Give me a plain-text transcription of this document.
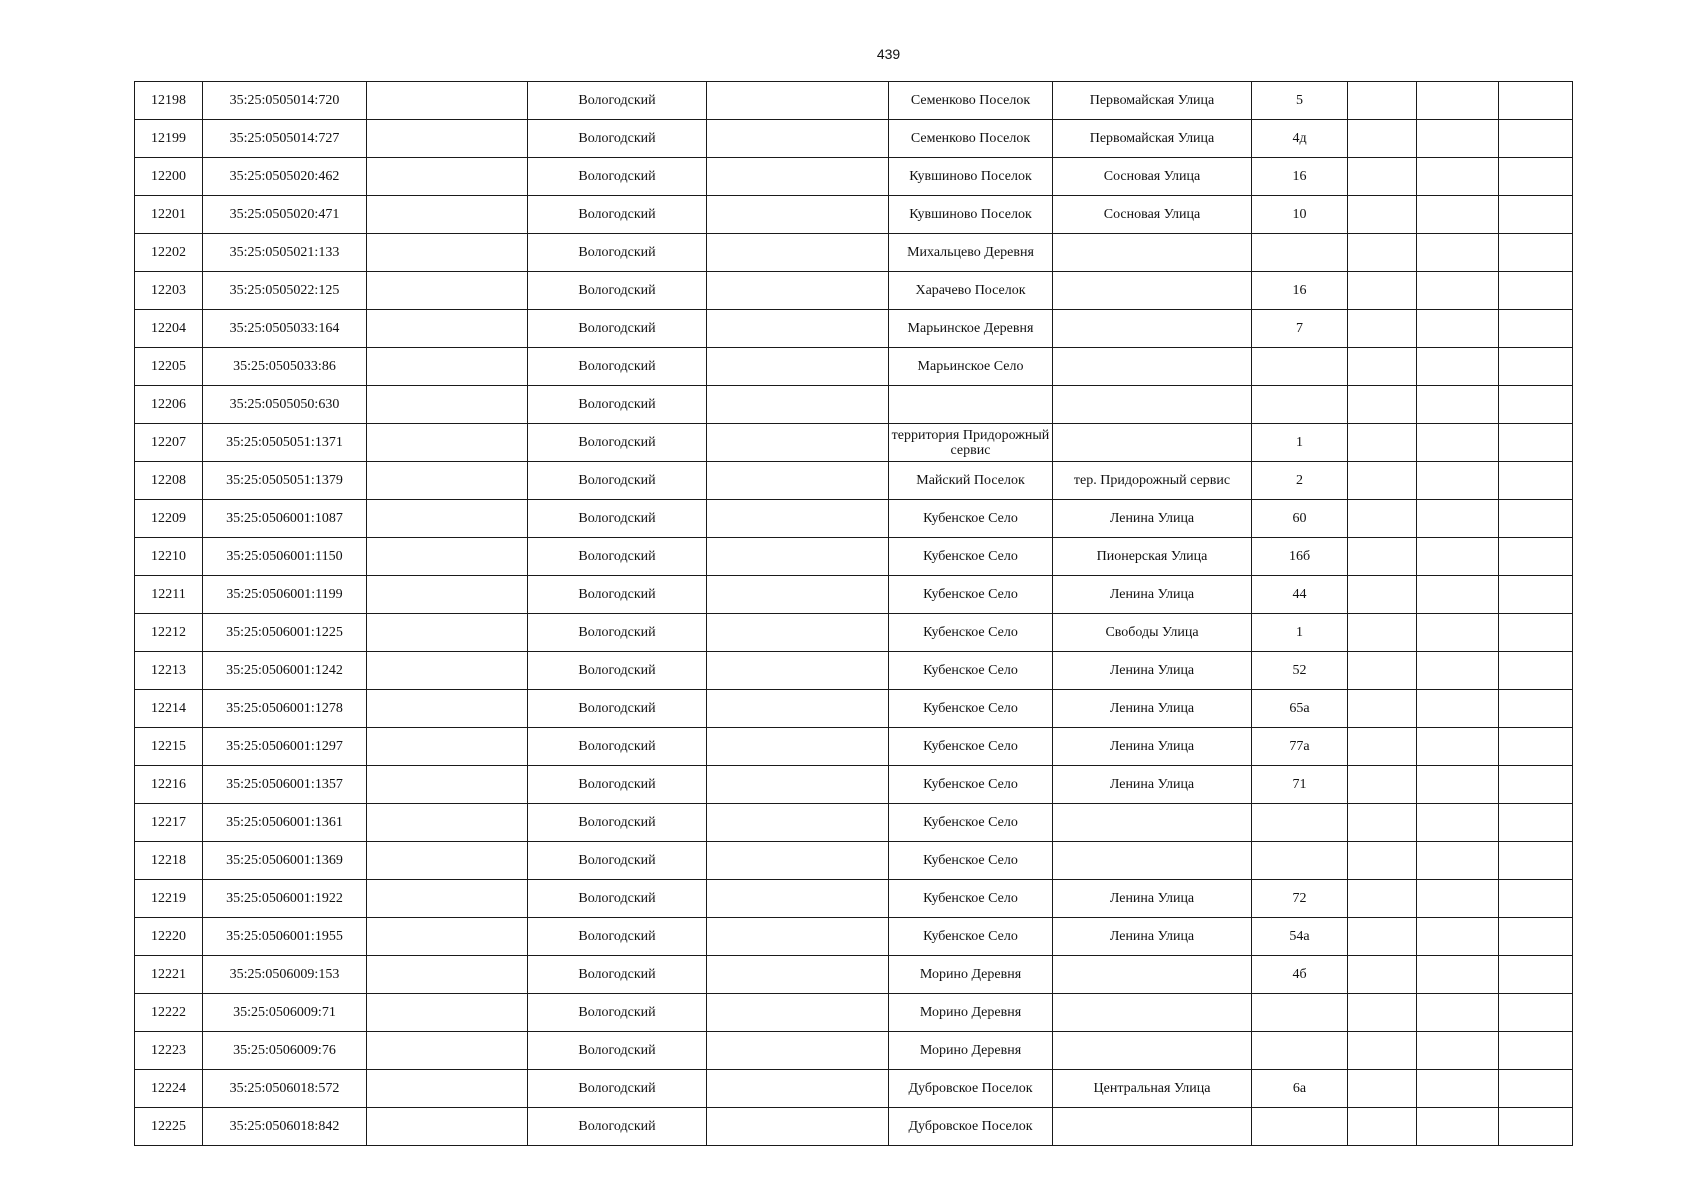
439
12198	35:25:0505014:720		Вологодский		Семенково Поселок	Первомайская Улица	5			
12199	35:25:0505014:727		Вологодский		Семенково Поселок	Первомайская Улица	4д			
12200	35:25:0505020:462		Вологодский		Кувшиново Поселок	Сосновая Улица	16			
12201	35:25:0505020:471		Вологодский		Кувшиново Поселок	Сосновая Улица	10			
12202	35:25:0505021:133		Вологодский		Михальцево Деревня					
12203	35:25:0505022:125		Вологодский		Харачево Поселок		16			
12204	35:25:0505033:164		Вологодский		Марьинское Деревня		7			
12205	35:25:0505033:86		Вологодский		Марьинское Село					
12206	35:25:0505050:630		Вологодский							
12207	35:25:0505051:1371		Вологодский		территория Придорожный сервис		1			
12208	35:25:0505051:1379		Вологодский		Майский Поселок	тер. Придорожный сервис	2			
12209	35:25:0506001:1087		Вологодский		Кубенское Село	Ленина Улица	60			
12210	35:25:0506001:1150		Вологодский		Кубенское Село	Пионерская Улица	16б			
12211	35:25:0506001:1199		Вологодский		Кубенское Село	Ленина Улица	44			
12212	35:25:0506001:1225		Вологодский		Кубенское Село	Свободы Улица	1			
12213	35:25:0506001:1242		Вологодский		Кубенское Село	Ленина Улица	52			
12214	35:25:0506001:1278		Вологодский		Кубенское Село	Ленина Улица	65а			
12215	35:25:0506001:1297		Вологодский		Кубенское Село	Ленина Улица	77а			
12216	35:25:0506001:1357		Вологодский		Кубенское Село	Ленина Улица	71			
12217	35:25:0506001:1361		Вологодский		Кубенское Село					
12218	35:25:0506001:1369		Вологодский		Кубенское Село					
12219	35:25:0506001:1922		Вологодский		Кубенское Село	Ленина Улица	72			
12220	35:25:0506001:1955		Вологодский		Кубенское Село	Ленина Улица	54а			
12221	35:25:0506009:153		Вологодский		Морино Деревня		4б			
12222	35:25:0506009:71		Вологодский		Морино Деревня					
12223	35:25:0506009:76		Вологодский		Морино Деревня					
12224	35:25:0506018:572		Вологодский		Дубровское Поселок	Центральная Улица	6а			
12225	35:25:0506018:842		Вологодский		Дубровское Поселок					
